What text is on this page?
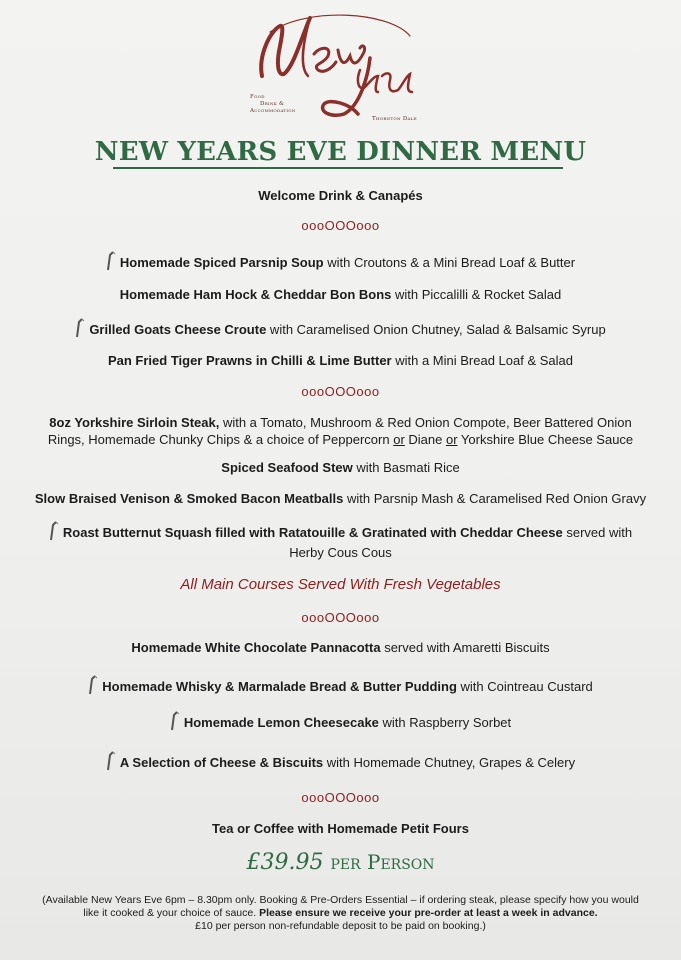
Food
Drink &
Accommodation
Thornton Dale
NEW YEARS EVE DINNER MENU
Welcome Drink & Canapés
oooOOOooo
Homemade Spiced Parsnip Soup with Croutons & a Mini Bread Loaf & Butter
Homemade Ham Hock & Cheddar Bon Bons with Piccalilli & Rocket Salad
Grilled Goats Cheese Croute with Caramelised Onion Chutney, Salad & Balsamic Syrup
Pan Fried Tiger Prawns in Chilli & Lime Butter with a Mini Bread Loaf & Salad
oooOOOooo
8oz Yorkshire Sirloin Steak, with a Tomato, Mushroom & Red Onion Compote, Beer Battered Onion
Rings, Homemade Chunky Chips & a choice of Peppercorn or Diane or Yorkshire Blue Cheese Sauce
Spiced Seafood Stew with Basmati Rice
Slow Braised Venison & Smoked Bacon Meatballs with Parsnip Mash & Caramelised Red Onion Gravy
Roast Butternut Squash filled with Ratatouille & Gratinated with Cheddar Cheese served with
Herby Cous Cous
All Main Courses Served With Fresh Vegetables
oooOOOooo
Homemade White Chocolate Pannacotta served with Amaretti Biscuits
Homemade Whisky & Marmalade Bread & Butter Pudding with Cointreau Custard
Homemade Lemon Cheesecake with Raspberry Sorbet
A Selection of Cheese & Biscuits with Homemade Chutney, Grapes & Celery
oooOOOooo
Tea or Coffee with Homemade Petit Fours
£39.95 per Person
(Available New Years Eve 6pm – 8.30pm only. Booking & Pre-Orders Essential – if ordering steak, please specify how you would
like it cooked & your choice of sauce. Please ensure we receive your pre-order at least a week in advance.
£10 per person non-refundable deposit to be paid on booking.)
